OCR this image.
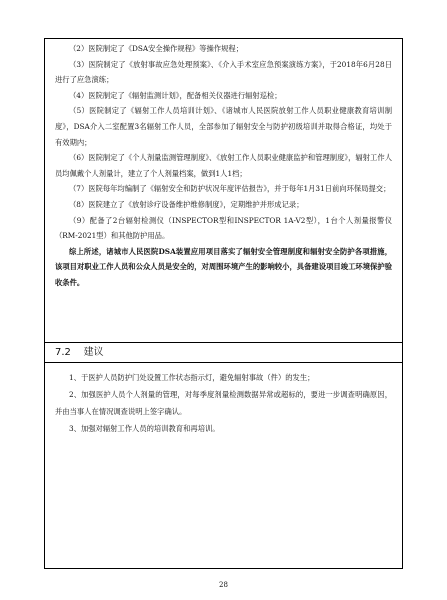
（2）医院制定了《DSA安全操作规程》等操作规程；

（3）医院制定了《放射事故应急处理预案》、《介入手术室应急预案演练方案》，于2018年6月28日进行了应急演练；

（4）医院制定了《辐射监测计划》，配备相关仪器进行辐射巡检；

（5）医院制定了《辐射工作人员培训计划》、《诸城市人民医院放射工作人员职业健康教育培训制度》，DSA介入二室配置3名辐射工作人员，全部参加了辐射安全与防护初级培训并取得合格证，均处于有效期内；

（6）医院制定了《个人剂量监测管理制度》、《放射工作人员职业健康监护和管理制度》，辐射工作人员均佩戴个人剂量计，建立了个人剂量档案，做到1人1档；

（7）医院每年均编制了《辐射安全和防护状况年度评估报告》，并于每年1月31日前向环保局提交；

（8）医院建立了《放射诊疗设备维护维修制度》，定期维护并形成记录；

（9）配备了2台辐射检测仪（INSPECTOR型和INSPECTOR 1A-V2型），1台个人剂量报警仪（RM-2021型）和其他防护用品。

综上所述，诸城市人民医院DSA装置应用项目落实了辐射安全管理制度和辐射安全防护各项措施，该项目对职业工作人员和公众人员是安全的，对周围环境产生的影响较小，具备建设项目竣工环境保护验收条件。

7.2 建议

1、于医护人员防护门处设置工作状态指示灯，避免辐射事故（件）的发生；

2、加强医护人员个人剂量的管理，对每季度剂量检测数据异常或超标的，要进一步调查明确原因，并由当事人在情况调查说明上签字确认。

3、加强对辐射工作人员的培训教育和再培训。

28
